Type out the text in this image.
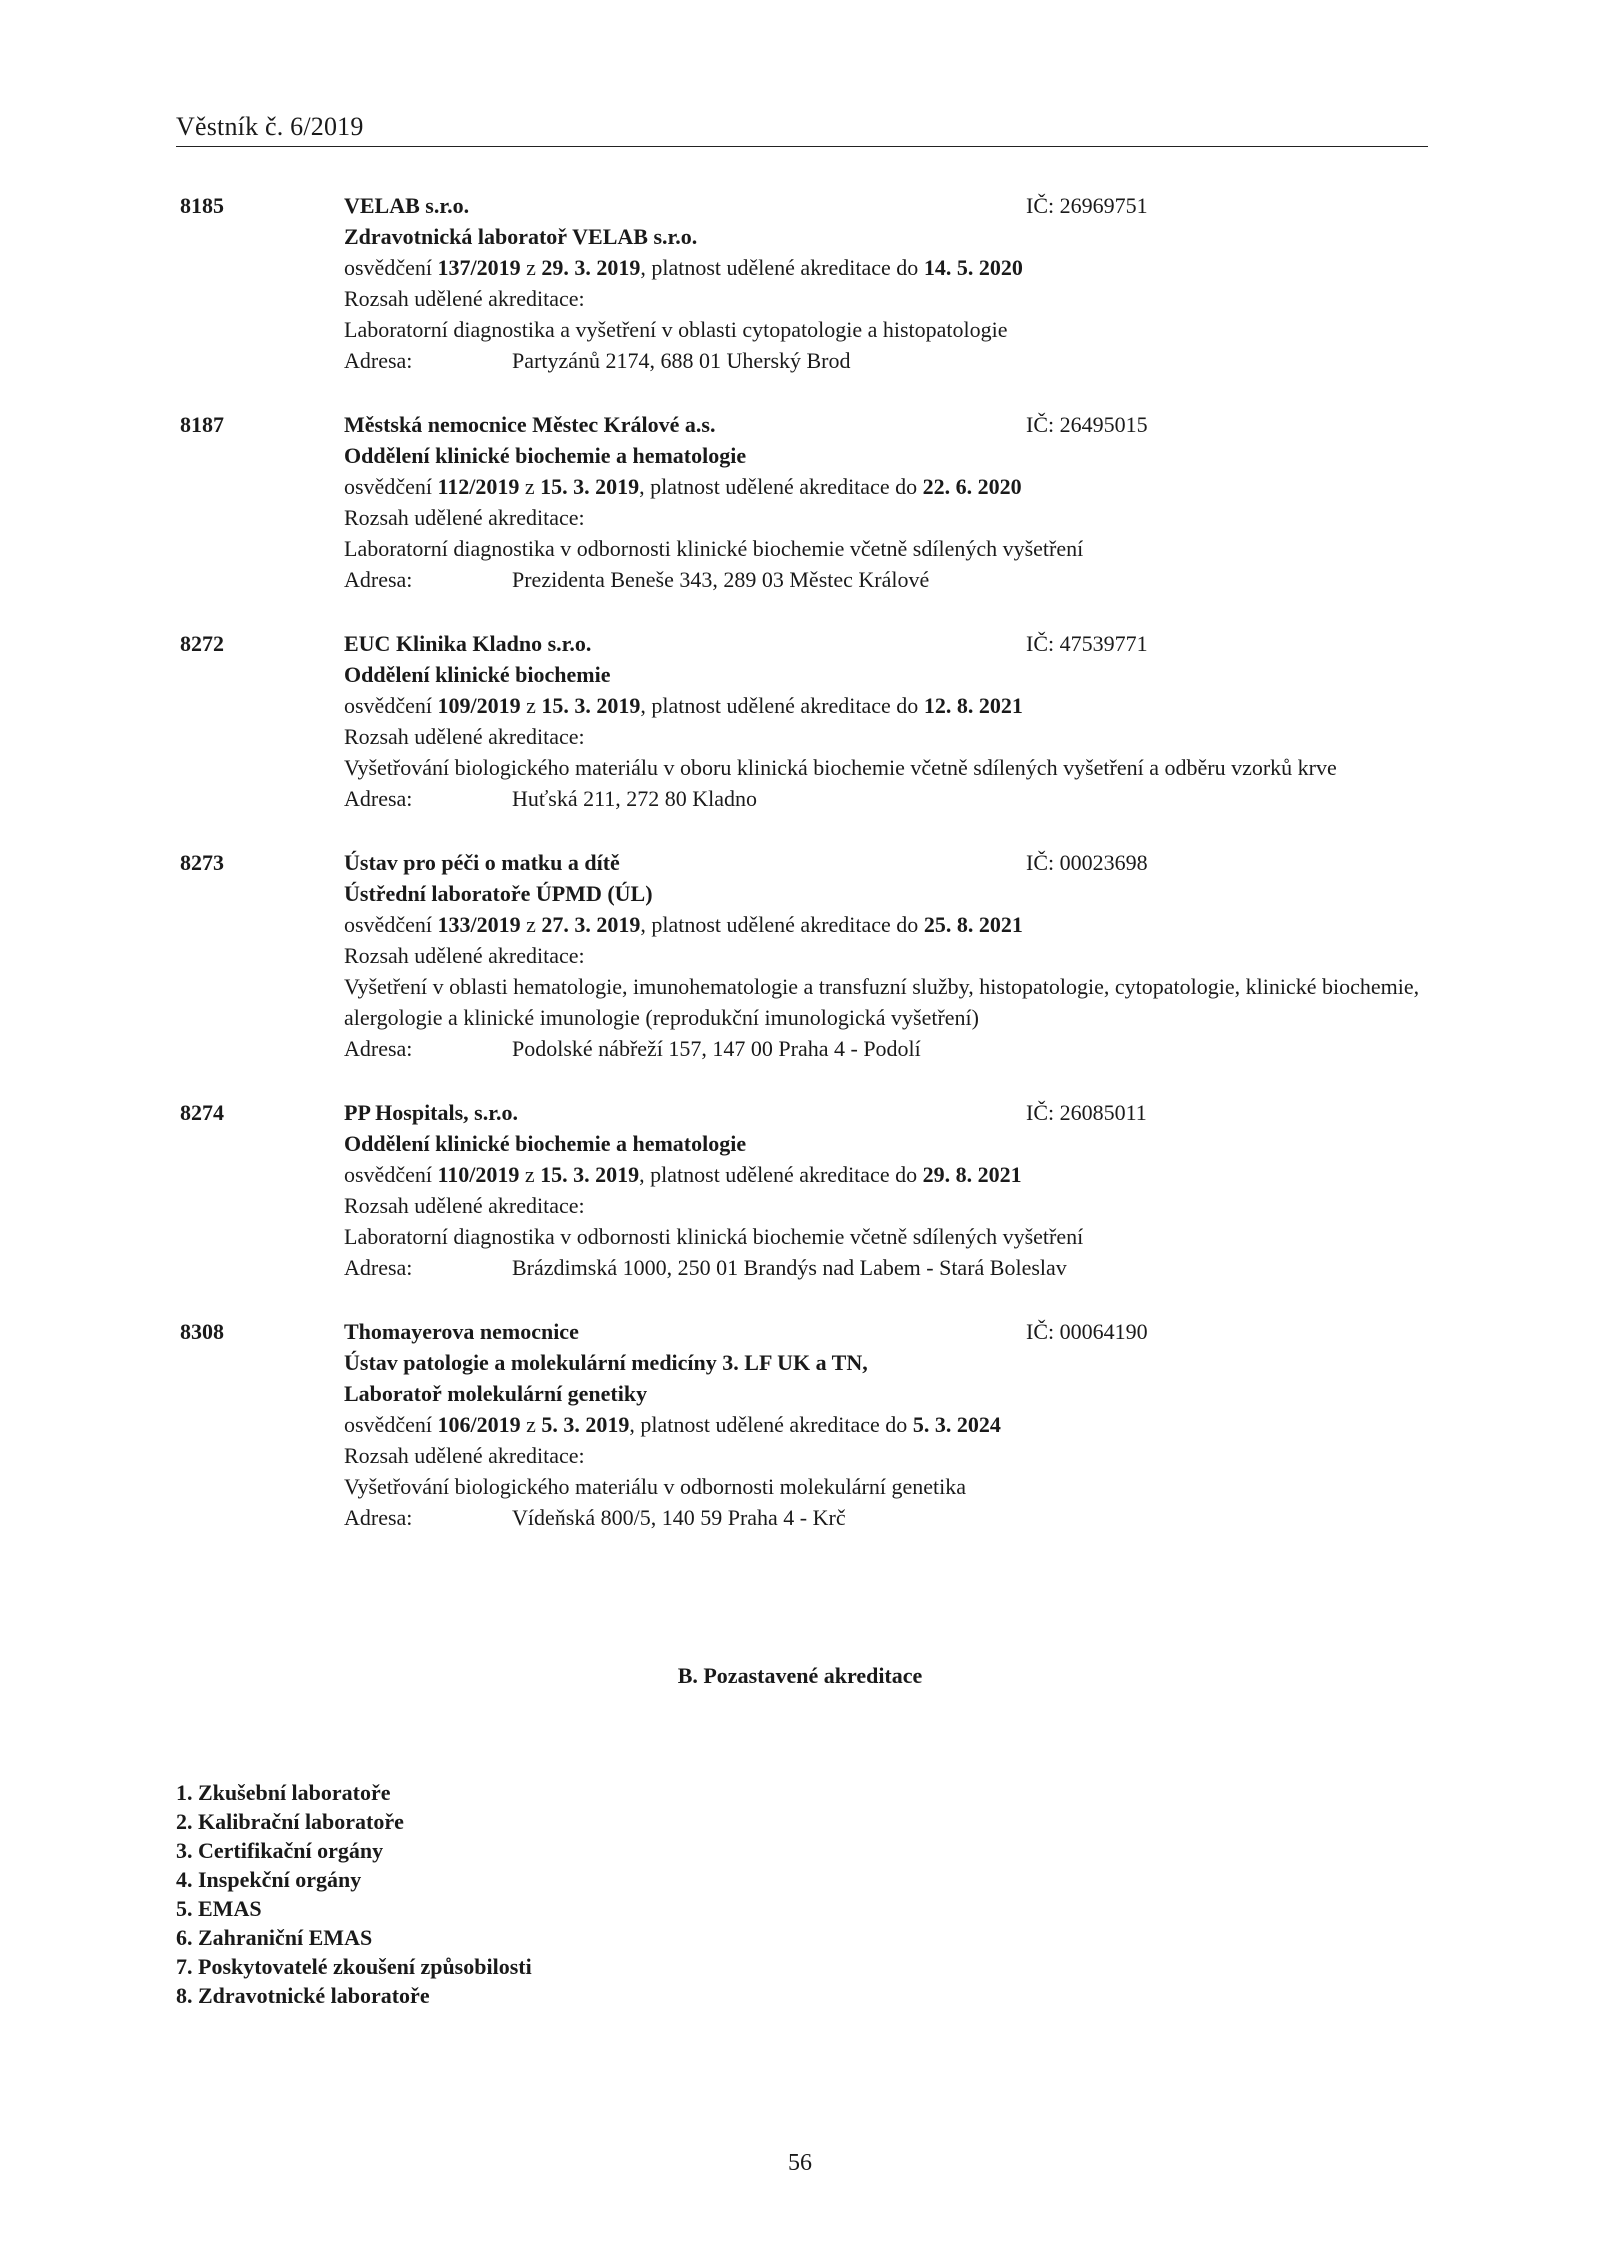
Věstník č. 6/2019
8185	VELAB s.r.o.	IČ: 26969751
Zdravotnická laboratoř VELAB s.r.o.
osvědčení 137/2019 z 29. 3. 2019, platnost udělené akreditace do 14. 5. 2020
Rozsah udělené akreditace:
Laboratorní diagnostika a vyšetření v oblasti cytopatologie a histopatologie
Adresa:	Partyzánů 2174, 688 01 Uherský Brod
8187	Městská nemocnice Městec Králové a.s.	IČ: 26495015
Oddělení klinické biochemie a hematologie
osvědčení 112/2019 z 15. 3. 2019, platnost udělené akreditace do 22. 6. 2020
Rozsah udělené akreditace:
Laboratorní diagnostika v odbornosti klinické biochemie včetně sdílených vyšetření
Adresa:	Prezidenta Beneše 343, 289 03 Městec Králové
8272	EUC Klinika Kladno s.r.o.	IČ: 47539771
Oddělení klinické biochemie
osvědčení 109/2019 z 15. 3. 2019, platnost udělené akreditace do 12. 8. 2021
Rozsah udělené akreditace:
Vyšetřování biologického materiálu v oboru klinická biochemie včetně sdílených vyšetření a odběru vzorků krve
Adresa:	Huťská 211, 272 80 Kladno
8273	Ústav pro péči o matku a dítě	IČ: 00023698
Ústřední laboratoře ÚPMD (ÚL)
osvědčení 133/2019 z 27. 3. 2019, platnost udělené akreditace do 25. 8. 2021
Rozsah udělené akreditace:
Vyšetření v oblasti hematologie, imunohematologie a transfuzní služby, histopatologie, cytopatologie, klinické biochemie, alergologie a klinické imunologie (reprodukční imunologická vyšetření)
Adresa:	Podolské nábřeží 157, 147 00 Praha 4 - Podolí
8274	PP Hospitals, s.r.o.	IČ: 26085011
Oddělení klinické biochemie a hematologie
osvědčení 110/2019 z 15. 3. 2019, platnost udělené akreditace do 29. 8. 2021
Rozsah udělené akreditace:
Laboratorní diagnostika v odbornosti klinická biochemie včetně sdílených vyšetření
Adresa:	Brázdimská 1000, 250 01 Brandýs nad Labem - Stará Boleslav
8308	Thomayerova nemocnice	IČ: 00064190
Ústav patologie a molekulární medicíny 3. LF UK a TN,
Laboratoř molekulární genetiky
osvědčení 106/2019 z 5. 3. 2019, platnost udělené akreditace do 5. 3. 2024
Rozsah udělené akreditace:
Vyšetřování biologického materiálu v odbornosti molekulární genetika
Adresa:	Vídeňská 800/5, 140 59 Praha 4 - Krč
B. Pozastavené akreditace
1. Zkušební laboratoře
2. Kalibrační laboratoře
3. Certifikační orgány
4. Inspekční orgány
5. EMAS
6. Zahraniční EMAS
7. Poskytovatelé zkoušení způsobilosti
8. Zdravotnické laboratoře
56
